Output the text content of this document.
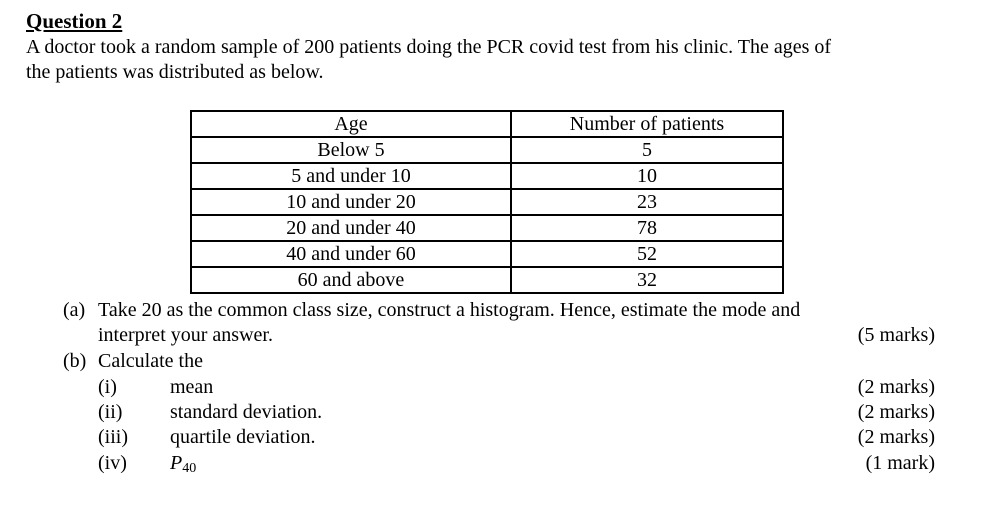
Question 2
A doctor took a random sample of 200 patients doing the PCR covid test from his clinic. The ages of
the patients was distributed as below.
Age	Number of patients
Below 5	5
5 and under 10	10
10 and under 20	23
20 and under 40	78
40 and under 60	52
60 and above	32
(a) Take 20 as the common class size, construct a histogram. Hence, estimate the mode and
interpret your answer.	(5 marks)
(b) Calculate the
(i)	mean	(2 marks)
(ii) standard deviation.	(2 marks)
(iii) quartile deviation.	(2 marks)
(iv) P40	(1 mark)
